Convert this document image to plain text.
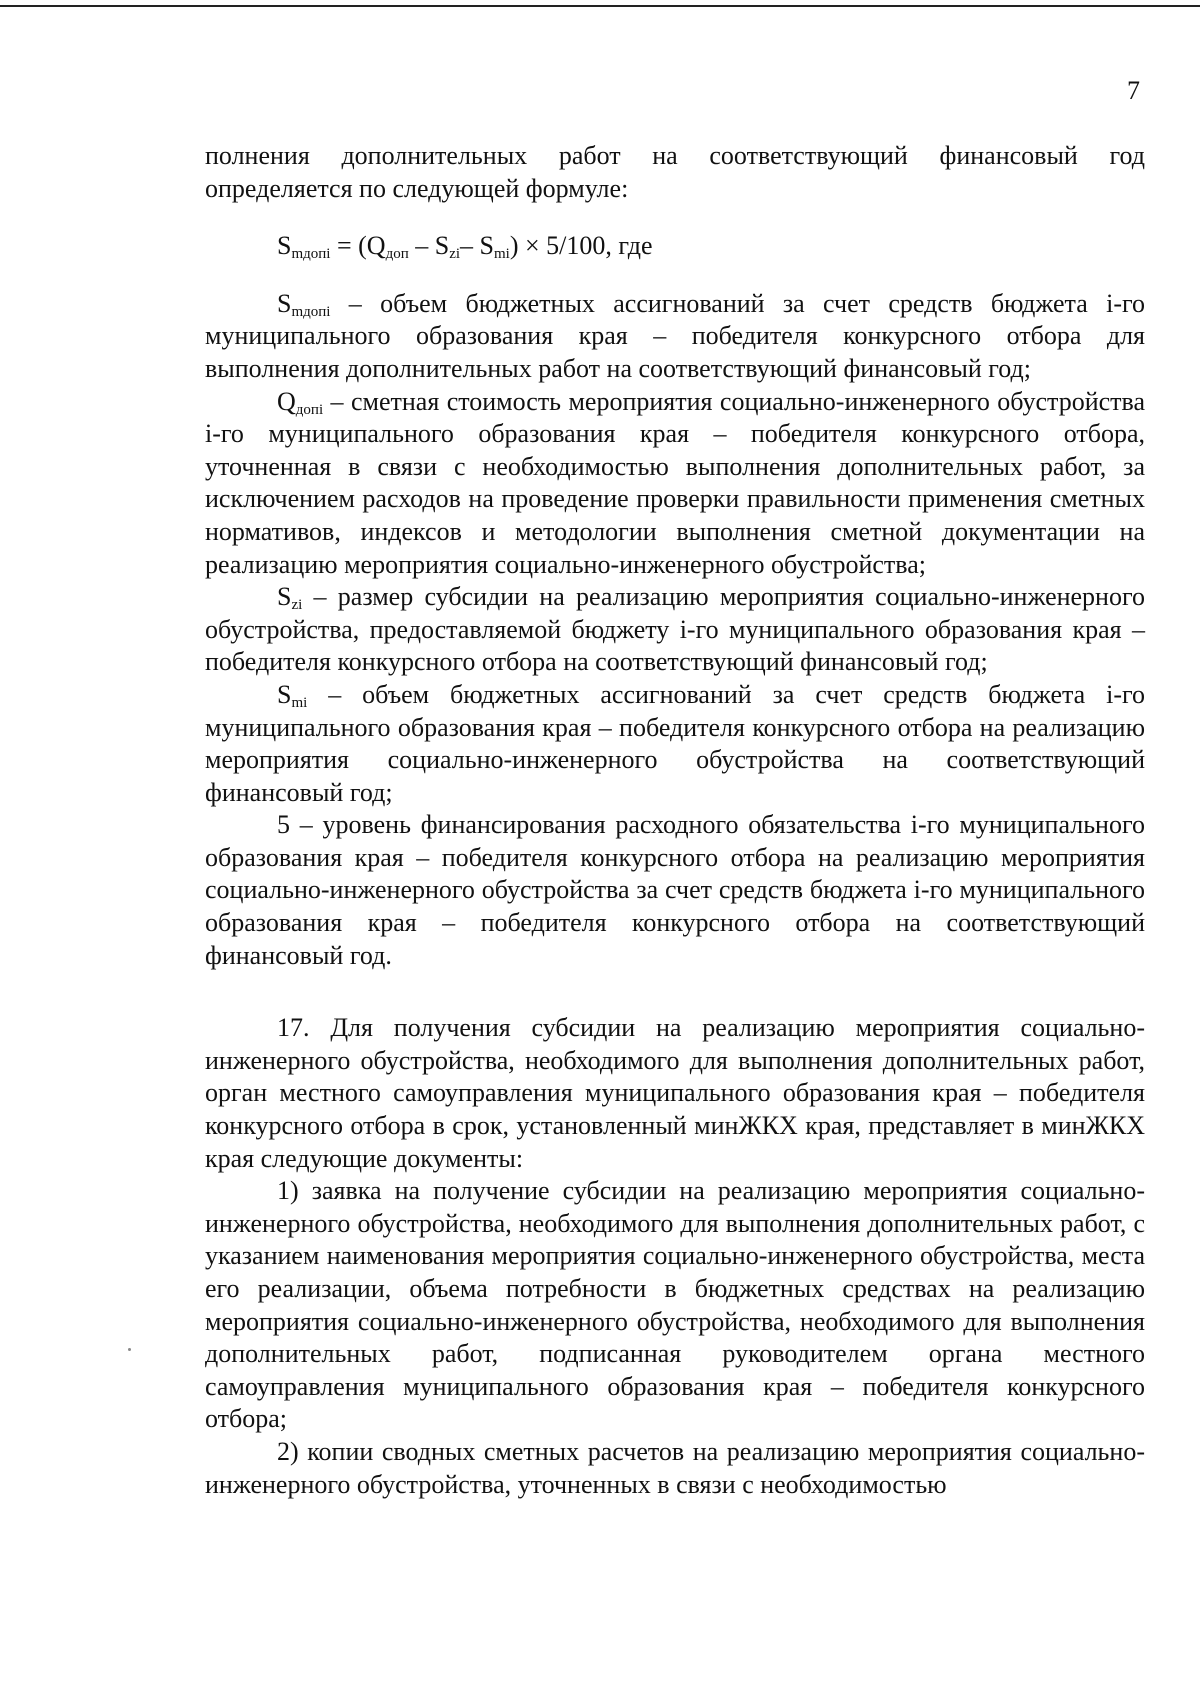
7

полнения дополнительных работ на соответствующий финансовый год определяется по следующей формуле:

$S_{mдопi} = (Q_{доп} - S_{zi}-$ $S_{mi}) \times 5/100$, где

$S_{mдопi}$ – объем бюджетных ассигнований за счет средств бюджета i-го муниципального образования края – победителя конкурсного отбора для выполнения дополнительных работ на соответствующий финансовый год;

$Q_{допi}$ – сметная стоимость мероприятия социально-инженерного обустройства i-го муниципального образования края – победителя конкурсного отбора, уточненная в связи с необходимостью выполнения дополнительных работ, за исключением расходов на проведение проверки правильности применения сметных нормативов, индексов и методологии выполнения сметной документации на реализацию мероприятия социально-инженерного обустройства;

$S_{zi}$ – размер субсидии на реализацию мероприятия социально-инженерного обустройства, предоставляемой бюджету i-го муниципального образования края – победителя конкурсного отбора на соответствующий финансовый год;

$S_{mi}$ – объем бюджетных ассигнований за счет средств бюджета i-го муниципального образования края – победителя конкурсного отбора на реализацию мероприятия социально-инженерного обустройства на соответствующий финансовый год;

5 – уровень финансирования расходного обязательства i-го муниципального образования края – победителя конкурсного отбора на реализацию мероприятия социально-инженерного обустройства за счет средств бюджета i-го муниципального образования края – победителя конкурсного отбора на соответствующий финансовый год.

17. Для получения субсидии на реализацию мероприятия социально-инженерного обустройства, необходимого для выполнения дополнительных работ, орган местного самоуправления муниципального образования края – победителя конкурсного отбора в срок, установленный минЖКХ края, представляет в минЖКХ края следующие документы:

1) заявка на получение субсидии на реализацию мероприятия социально-инженерного обустройства, необходимого для выполнения дополнительных работ, с указанием наименования мероприятия социально-инженерного обустройства, места его реализации, объема потребности в бюджетных средствах на реализацию мероприятия социально-инженерного обустройства, необходимого для выполнения дополнительных работ, подписанная руководителем органа местного самоуправления муниципального образования края – победителя конкурсного отбора;

2) копии сводных сметных расчетов на реализацию мероприятия социально-инженерного обустройства, уточненных в связи с необходимостью
